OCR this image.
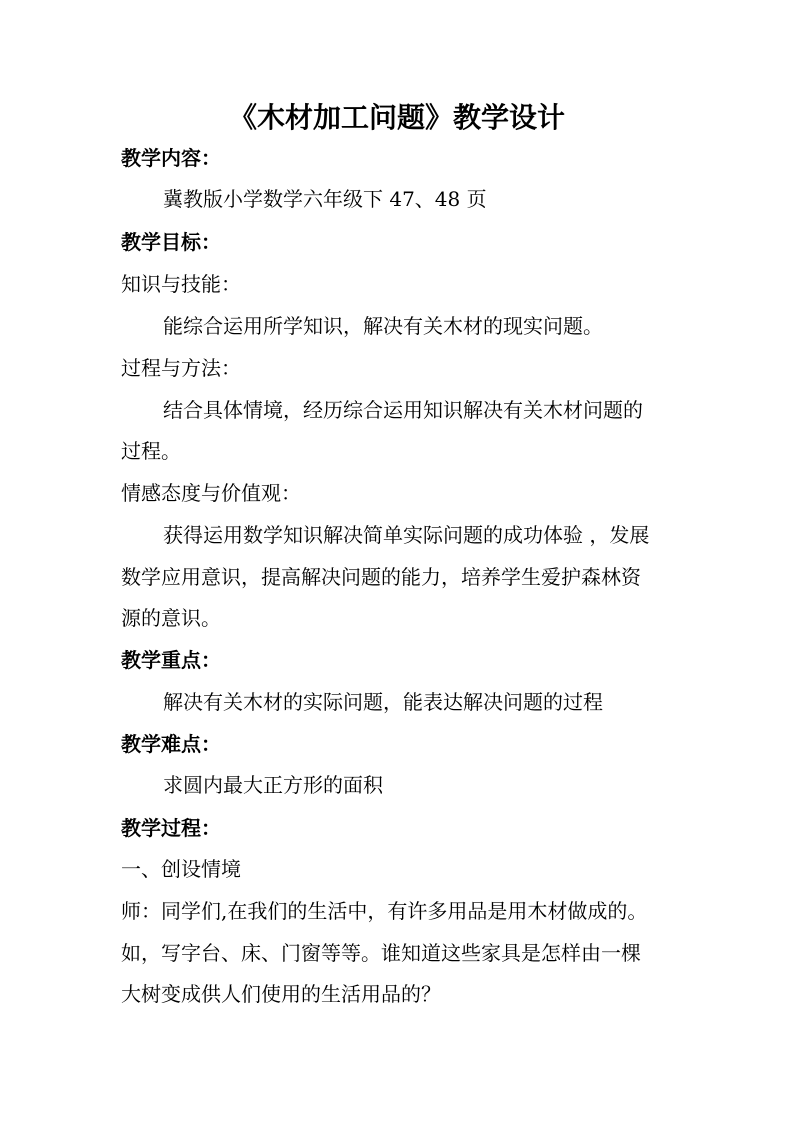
《木材加工问题》教学设计
教学内容：
冀教版小学数学六年级下 47、48 页
教学目标：
知识与技能：
能综合运用所学知识，解决有关木材的现实问题。
过程与方法：
结合具体情境，经历综合运用知识解决有关木材问题的
过程。
情感态度与价值观：
获得运用数学知识解决简单实际问题的成功体验 ，发展
数学应用意识，提高解决问题的能力，培养学生爱护森林资
源的意识。
教学重点：
解决有关木材的实际问题，能表达解决问题的过程
教学难点：
求圆内最大正方形的面积
教学过程：
一、创设情境
师：同学们,在我们的生活中，有许多用品是用木材做成的。
如，写字台、床、门窗等等。谁知道这些家具是怎样由一棵
大树变成供人们使用的生活用品的？
